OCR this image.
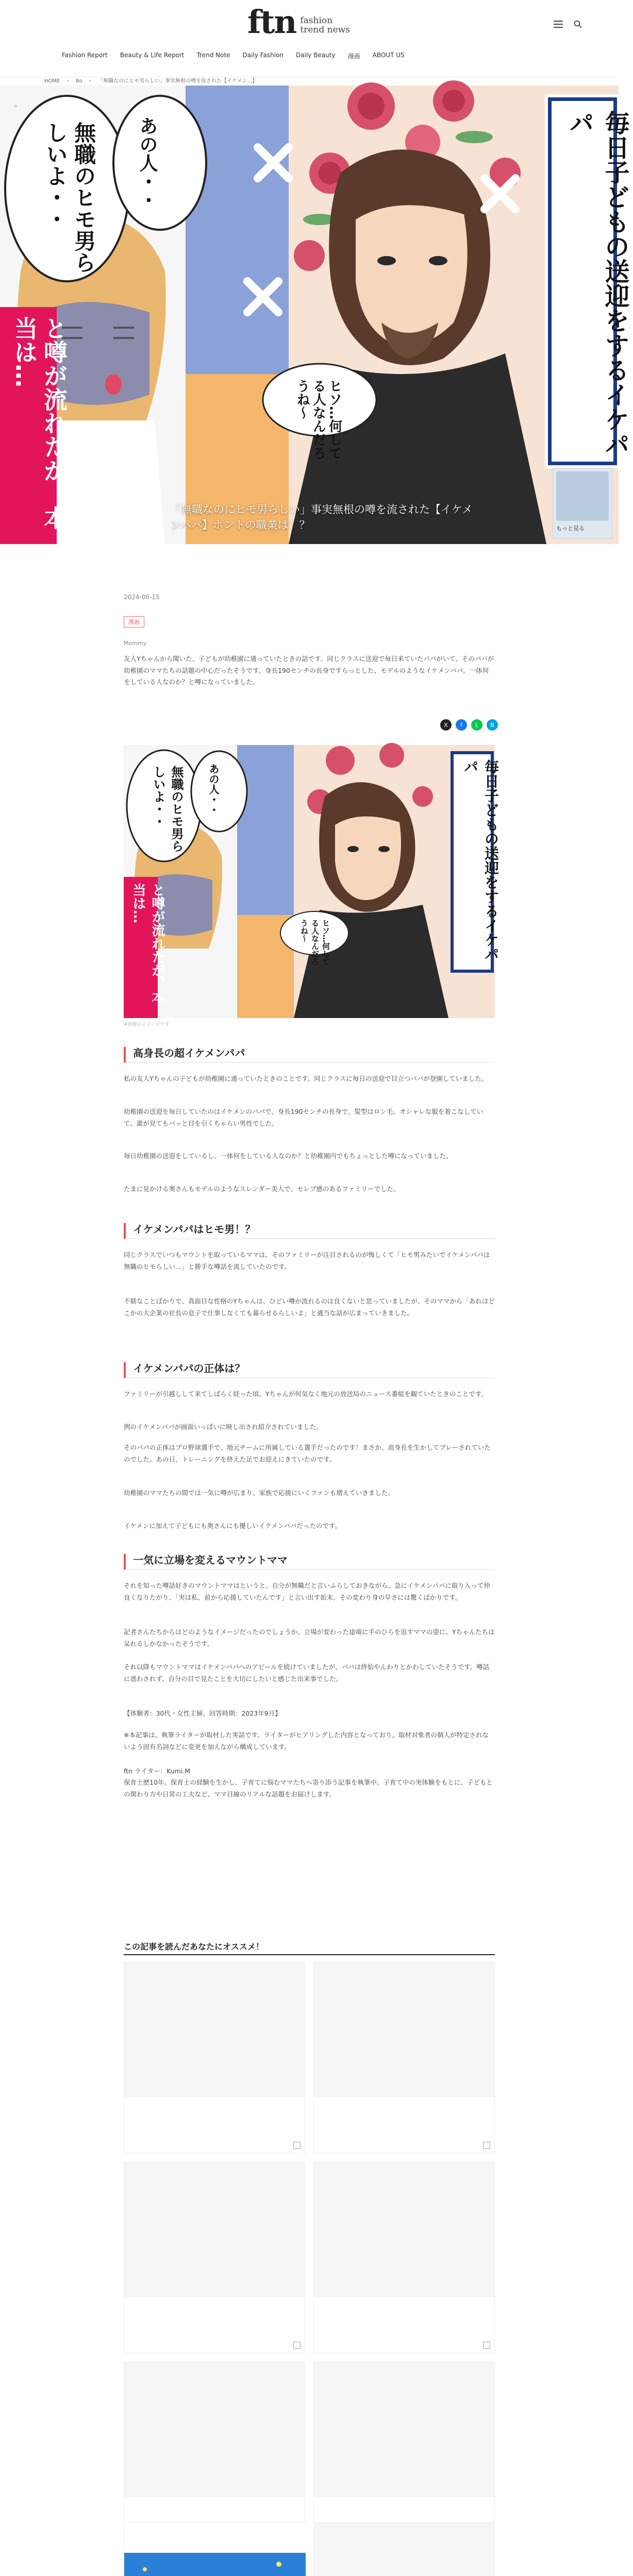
ftn fashion
trend news
Fashion Report Beauty & Life Report Trend Note Daily Fashion Daily Beauty 漫画 ABOUT US
HOME › Bo › 「無職なのにヒモ男らしい」事実無根の噂を流された【イケメン...】
無職のヒモ男らしいよ・・	あの人・・
と噂が流れたが、本当は…	毎日子どもの送迎をするイケパパ
ヒソ…何してる人なんだろうね～
もっと見る
「無職なのにヒモ男らしい」事実無根の噂を流された【イケメンパパ】ホントの職業は！？
2024-06-15
漫画
Mommy

友人Yちゃんから聞いた、子どもが幼稚園に通っていたときの話です。同じクラスに送迎で毎日来ていたパパがいて、そのパパが幼稚園のママたちの話題の中心だったそうです。身長190センチの長身ですらっとした、モデルのようなイケメンパパ。一体何をしている人なのか？と噂になっていました。

X	f	L	B
無職のヒモ男らしいよ・・	あの人・・
と噂が流れたが、本当は…	毎日子どもの送迎をするイケパパ
ヒソ…何してる人なんだろうね～
※画像はイメージです
高身長の超イケメンパパ

私の友人Yちゃんの子どもが幼稚園に通っていたときのことです。同じクラスに毎日の送迎で目立つパパが登園していました。

幼稚園の送迎を毎日していたのはイケメンのパパで、身長190センチの長身で、髪型はロン毛、オシャレな服を着こなしていて、誰が見てもパッと目を引くちゃらい男性でした。

毎日幼稚園の送迎をしているし、一体何をしている人なのか？と幼稚園内でもちょっとした噂になっていました。

たまに見かける奥さんもモデルのようなスレンダー美人で、セレブ感のあるファミリーでした。

イケメンパパはヒモ男！？

同じクラスでいつもマウントを取っているママは、そのファミリーが注目されるのが悔しくて「ヒモ男みたいでイケメンパパは無職のヒモらしい…」と勝手な噂話を流していたのです。

不躾なことばかりで、真面目な性格のYちゃんは、ひどい噂が流れるのは良くないと思っていましたが、そのママから「あれはどこかの大企業の社長の息子で仕事しなくても暮らせるらしいよ」と適当な話が広まっていきました。

イケメンパパの正体は？

ファミリーが引越しして来てしばらく経った頃、Yちゃんが何気なく地元の放送局のニュース番組を観ていたときのことです。

例のイケメンパパが画面いっぱいに映し出され紹介されていました。

そのパパの正体はプロ野球選手で、地元チームに所属している選手だったのです！まさか、高身長を生かしてプレーされていたのでした。あの日、トレーニングを終えた足でお迎えにきていたのです。

幼稚園のママたちの間では一気に噂が広まり、家族で応援にいくファンも増えていきました。

イケメンに加えて子どもにも奥さんにも優しいイクメンパパだったのです。

一気に立場を変えるマウントママ

それを知った噂話好きのマウントママはというと、自分が無職だと言いふらしておきながら、急にイケメンパパに取り入って仲良くなりたがり、「実は私、前から応援していたんです」と言い出す始末。その変わり身の早さには驚くばかりです。

記者さんたちからはどのようなイメージだったのでしょうか。立場が変わった途端に手のひらを返すママの姿に、Yちゃんたちは呆れるしかなかったそうです。

それ以降もマウントママはイケメンパパへのアピールを続けていましたが、パパは終始やんわりとかわしていたそうです。噂話に惑わされず、自分の目で見たことを大切にしたいと感じた出来事でした。

【体験者：30代・女性主婦、回答時期：2023年9月】

※本記事は、執筆ライターが取材した実話です。ライターがヒアリングした内容となっており、取材対象者の個人が特定されないよう固有名詞などに変更を加えながら構成しています。

ftn ライター：Kumi.M

保育士歴10年。保育士の経験を生かし、子育てに悩むママたちへ寄り添う記事を執筆中。子育て中の実体験をもとに、子どもとの関わり方や日常の工夫など、ママ目線のリアルな話題をお届けします。

この記事を読んだあなたにオススメ！
